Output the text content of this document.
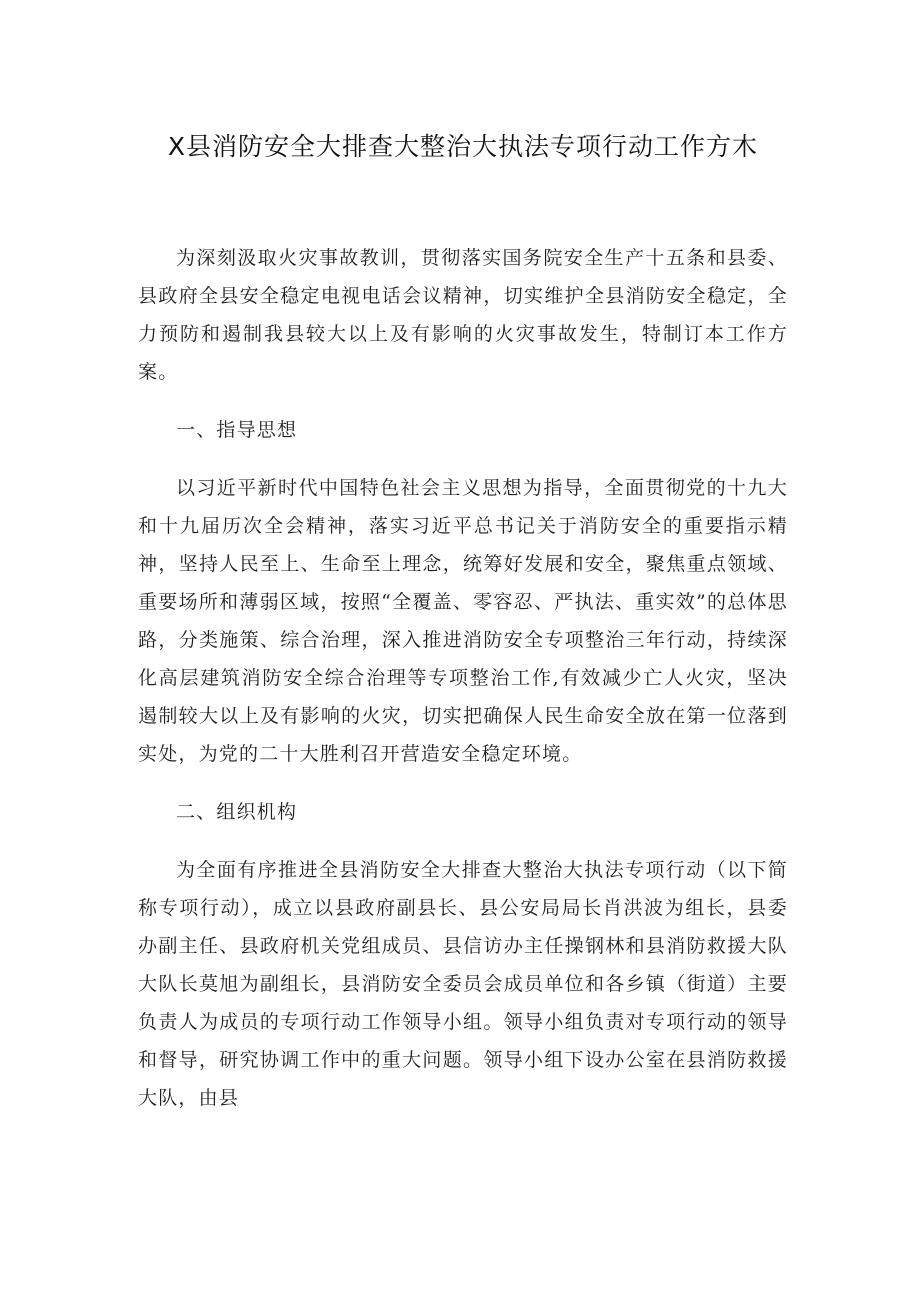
X县消防安全大排查大整治大执法专项行动工作方木

为深刻汲取火灾事故教训，贯彻落实国务院安全生产十五条和县委、县政府全县安全稳定电视电话会议精神，切实维护全县消防安全稳定，全力预防和遏制我县较大以上及有影响的火灾事故发生，特制订本工作方案。

一、指导思想

以习近平新时代中国特色社会主义思想为指导，全面贯彻党的十九大和十九届历次全会精神，落实习近平总书记关于消防安全的重要指示精神，坚持人民至上、生命至上理念，统筹好发展和安全，聚焦重点领域、重要场所和薄弱区域，按照“全覆盖、零容忍、严执法、重实效”的总体思路，分类施策、综合治理，深入推进消防安全专项整治三年行动，持续深化高层建筑消防安全综合治理等专项整治工作,有效减少亡人火灾，坚决遏制较大以上及有影响的火灾，切实把确保人民生命安全放在第一位落到实处，为党的二十大胜利召开营造安全稳定环境。

二、组织机构

为全面有序推进全县消防安全大排查大整治大执法专项行动（以下简称专项行动），成立以县政府副县长、县公安局局长肖洪波为组长，县委办副主任、县政府机关党组成员、县信访办主任操钢林和县消防救援大队大队长莫旭为副组长，县消防安全委员会成员单位和各乡镇（街道）主要负责人为成员的专项行动工作领导小组。领导小组负责对专项行动的领导和督导，研究协调工作中的重大问题。领导小组下设办公室在县消防救援大队，由县
